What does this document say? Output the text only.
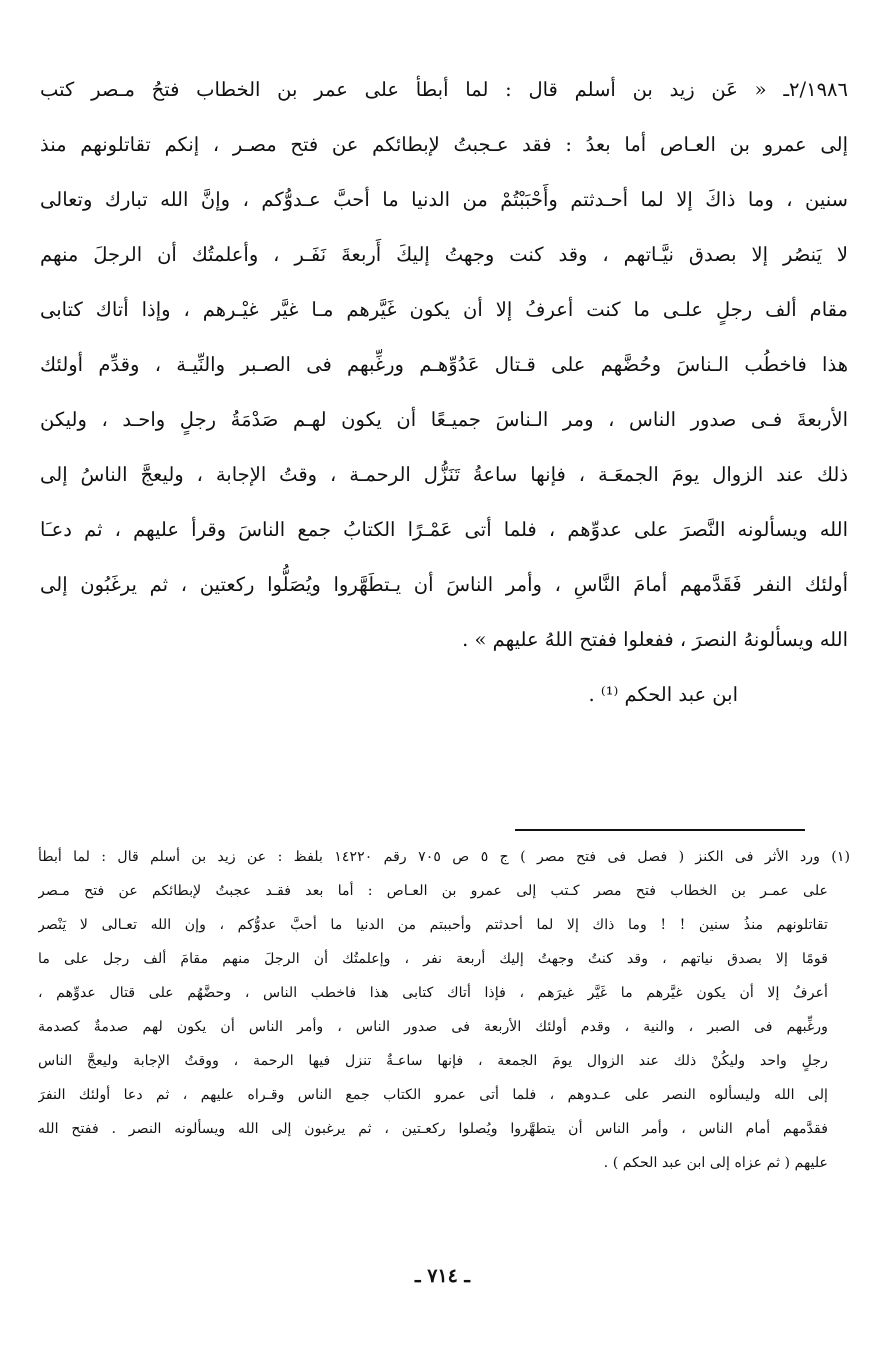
٢/١٩٨٦ـ « عَن زيد بن أسلم قال : لما أبطأ على عمر بن الخطاب فتحُ مـصر كتب
إلى عمرو بن العـاص أما بعدُ : فقد عـجبتُ لإبطائكم عن فتح مصـر ، إنكم تقاتلونهم منذ
سنين ، وما ذاكَ إلا لما أحـدثتم وأَحْبَبْتُمْ من الدنيا ما أحبَّ عـدوُّكم ، وإنَّ الله تبارك وتعالى
لا يَنصُر إلا بصدق نيَّـاتهم ، وقد كنت وجهتُ إليكَ أَربعةَ نَفَـر ، وأعلمتُك أن الرجلَ منهم
مقام ألف رجلٍ علـى ما كنت أعرفُ إلا أن يكون غَيَّرهم مـا غيَّر غيْـرهم ، وإذا أتاك كتابى
هذا فاخطُب الـناسَ وحُضَّهم على قـتال عَدُوِّهـم ورغِّبهم فى الصـبر والنِّيـة ، وقدِّم أولئك
الأربعةَ فـى صدور الناس ، ومر الـناسَ جميـعًا أن يكون لهـم صَدْمَةُ رجلٍ واحـد ، وليكن
ذلك عند الزوال يومَ الجمعَـة ، فإنها ساعةُ تَنَزُّل الرحمـة ، وقتُ الإجابة ، وليعجَّ الناسُ إلى
الله ويسألونه النَّصرَ على عدوِّهم ، فلما أتى عَمْـرًا الكتابُ جمع الناسَ وقرأ عليهم ، ثم دعـَا
أولئك النفر فَقَدَّمهم أمامَ النَّاسِ ، وأمر الناسَ أن يـتطَهَّروا ويُصَلُّوا ركعتين ، ثم يرغَبُون إلى
الله ويسألونهُ النصرَ ، ففعلوا ففتح اللهُ عليهم » .
ابن عبد الحكم ⁽¹⁾ .
(١) ورد الأثر فى الكنز ( فصل فى فتح مصر ) ج ٥ ص ٧٠٥ رقم ١٤٢٢٠ بلفظ : عن زيد بن أسلم قال : لما أبطأ
على عمـر بن الخطاب فتح مصر كـتب إلى عمرو بن العـاص : أما بعد فقـد عجبتُ لإبطائكم عن فتح مـصر
تقاتلونهم منذُ سنين ! ! وما ذاك إلا لما أحدثتم وأحببتم من الدنيا ما أحبَّ عدوُّكم ، وإن الله تعـالى لا يَنْصر
قومًا إلا بصدق نياتهم ، وقد كنتُ وجهتُ إليك أربعة نفر ، وإعلمتُك أن الرجلَ منهم مقامَ ألف رجل على ما
أعرفُ إلا أن يكون غيَّرهم ما غَيَّر غيرَهم ، فإذا أتاك كتابى هذا فاخطب الناس ، وحضَّهُم على قتال عدوِّهم ،
ورغِّبهم فى الصبر ، والنية ، وقدم أولئك الأربعة فى صدور الناس ، وأمر الناس أن يكون لهم صدمةٌ كصدمة
رجلٍ واحد وليكُنْ ذلك عند الزوال يومَ الجمعة ، فإنها ساعـةٌ تنزل فيها الرحمة ، ووقتُ الإجابة وليعجَّ الناس
إلى الله وليسألوه النصر على عـدوهم ، فلما أتى عمرو الكتاب جمع الناس وقـراه عليهم ، ثم دعا أولئك النفرَ
فقدَّمهم أمام الناس ، وأمر الناس أن يتطهَّروا ويُصلوا ركعـتين ، ثم يرغبون إلى الله ويسألونه النصر . ففتح الله
عليهم ( ثم عزاه إلى ابن عبد الحكم ) .
ـ ٧١٤ ـ
